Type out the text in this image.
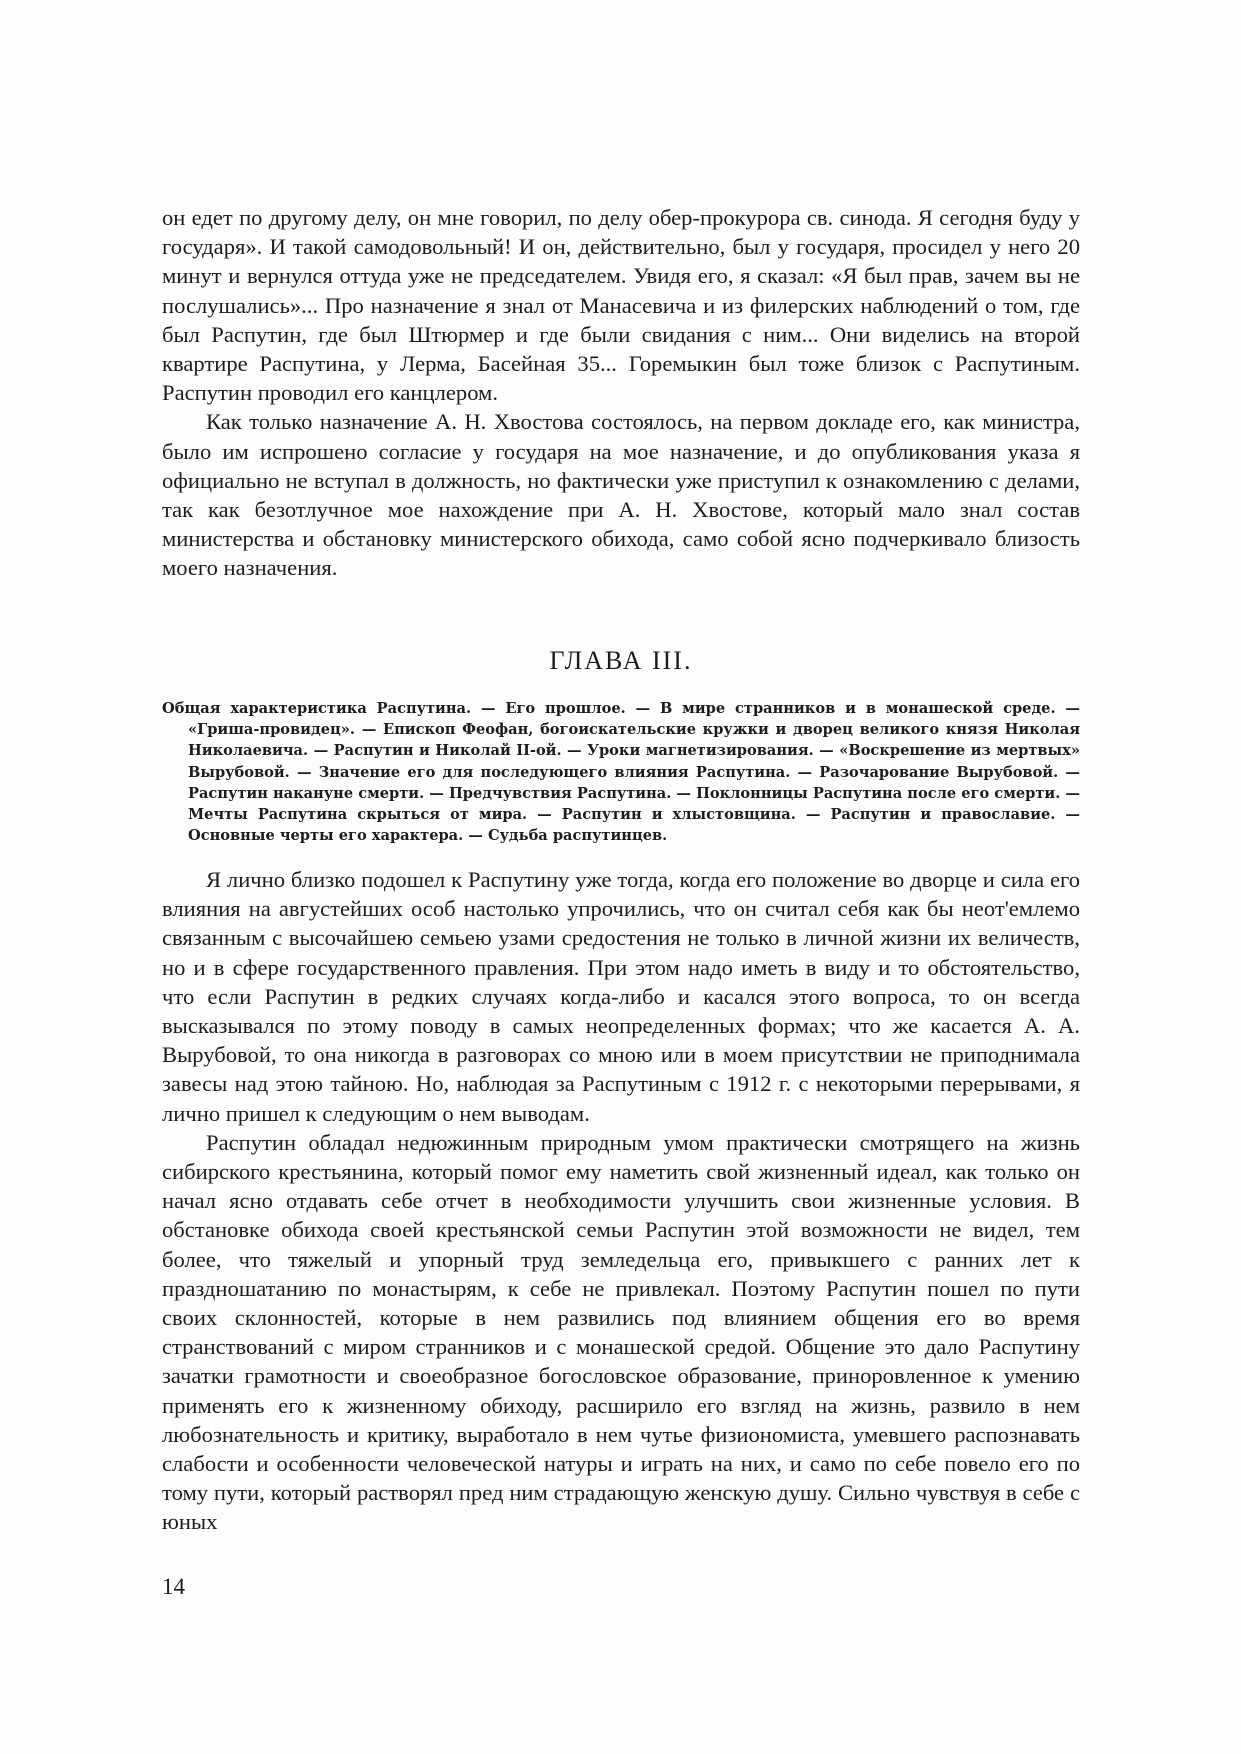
он едет по другому делу, он мне говорил, по делу обер-прокурора св. синода. Я сегодня буду у государя». И такой самодовольный! И он, действительно, был у государя, просидел у него 20 минут и вернулся оттуда уже не председателем. Увидя его, я сказал: «Я был прав, зачем вы не послушались»... Про назначение я знал от Манасевича и из филерских наблюдений о том, где был Распутин, где был Штюрмер и где были свидания с ним... Они виделись на второй квартире Распутина, у Лерма, Басейная 35... Горемыкин был тоже близок с Распутиным. Распутин проводил его канцлером.

Как только назначение А. Н. Хвостова состоялось, на первом докладе его, как министра, было им испрошено согласие у государя на мое назначение, и до опубликования указа я официально не вступал в должность, но фактически уже приступил к ознакомлению с делами, так как безотлучное мое нахождение при А. Н. Хвостове, который мало знал состав министерства и обстановку министерского обихода, само собой ясно подчеркивало близость моего назначения.

ГЛАВА III.
Общая характеристика Распутина. — Его прошлое. — В мире странников и в монашеской среде. — «Гриша-провидец». — Епископ Феофан, богоискательские кружки и дворец великого князя Николая Николаевича. — Распутин и Николай II-ой. — Уроки магнетизирования. — «Воскрешение из мертвых» Вырубовой. — Значение его для последующего влияния Распутина. — Разочарование Вырубовой. — Распутин накануне смерти. — Предчувствия Распутина. — Поклонницы Распутина после его смерти. — Мечты Распутина скрыться от мира. — Распутин и хлыстовщина. — Распутин и православие. — Основные черты его характера. — Судьба распутинцев.

Я лично близко подошел к Распутину уже тогда, когда его положение во дворце и сила его влияния на августейших особ настолько упрочились, что он считал себя как бы неот'емлемо связанным с высочайшею семьею узами средостения не только в личной жизни их величеств, но и в сфере государственного правления. При этом надо иметь в виду и то обстоятельство, что если Распутин в редких случаях когда-либо и касался этого вопроса, то он всегда высказывался по этому поводу в самых неопределенных формах; что же касается А. А. Вырубовой, то она никогда в разговорах со мною или в моем присутствии не приподнимала завесы над этою тайною. Но, наблюдая за Распутиным с 1912 г. с некоторыми перерывами, я лично пришел к следующим о нем выводам.

Распутин обладал недюжинным природным умом практически смотрящего на жизнь сибирского крестьянина, который помог ему наметить свой жизненный идеал, как только он начал ясно отдавать себе отчет в необходимости улучшить свои жизненные условия. В обстановке обихода своей крестьянской семьи Распутин этой возможности не видел, тем более, что тяжелый и упорный труд земледельца его, привыкшего с ранних лет к праздношатанию по монастырям, к себе не привлекал. Поэтому Распутин пошел по пути своих склонностей, которые в нем развились под влиянием общения его во время странствований с миром странников и с монашеской средой. Общение это дало Распутину зачатки грамотности и своеобразное богословское образование, приноровленное к умению применять его к жизненному обиходу, расширило его взгляд на жизнь, развило в нем любознательность и критику, выработало в нем чутье физиономиста, умевшего распознавать слабости и особенности человеческой натуры и играть на них, и само по себе повело его по тому пути, который растворял пред ним страдающую женскую душу. Сильно чувствуя в себе с юных

14
